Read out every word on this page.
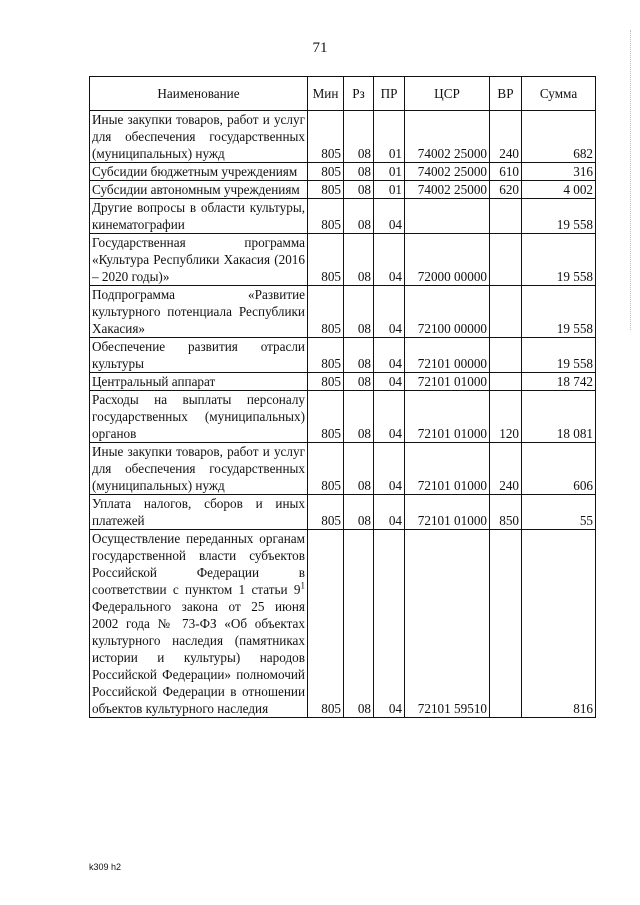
71
Наименование	Мин	Рз	ПР	ЦСР	ВР	Сумма
Иные закупки товаров, работ и услуг для обеспечения государственных (муниципальных) нужд	805	08	01	74002 25000	240	682
Субсидии бюджетным учреждениям	805	08	01	74002 25000	610	316
Субсидии автономным учреждениям	805	08	01	74002 25000	620	4 002
Другие вопросы в области культуры, кинематографии	805	08	04			19 558
Государственная программа «Культура Республики Хакасия (2016 – 2020 годы)»	805	08	04	72000 00000		19 558
Подпрограмма «Развитие культурного потенциала Республики Хакасия»	805	08	04	72100 00000		19 558
Обеспечение развития отрасли культуры	805	08	04	72101 00000		19 558
Центральный аппарат	805	08	04	72101 01000		18 742
Расходы на выплаты персоналу государственных (муниципальных) органов	805	08	04	72101 01000	120	18 081
Иные закупки товаров, работ и услуг для обеспечения государственных (муниципальных) нужд	805	08	04	72101 01000	240	606
Уплата налогов, сборов и иных платежей	805	08	04	72101 01000	850	55
Осуществление переданных органам государственной власти субъектов Российской Федерации в соответствии с пунктом 1 статьи $9^1$ Федерального закона от 25 июня 2002 года № 73-ФЗ «Об объектах культурного наследия (памятниках истории и культуры) народов Российской Федерации» полномочий Российской Федерации в отношении объектов культурного наследия	805	08	04	72101 59510		816
k309 h2
